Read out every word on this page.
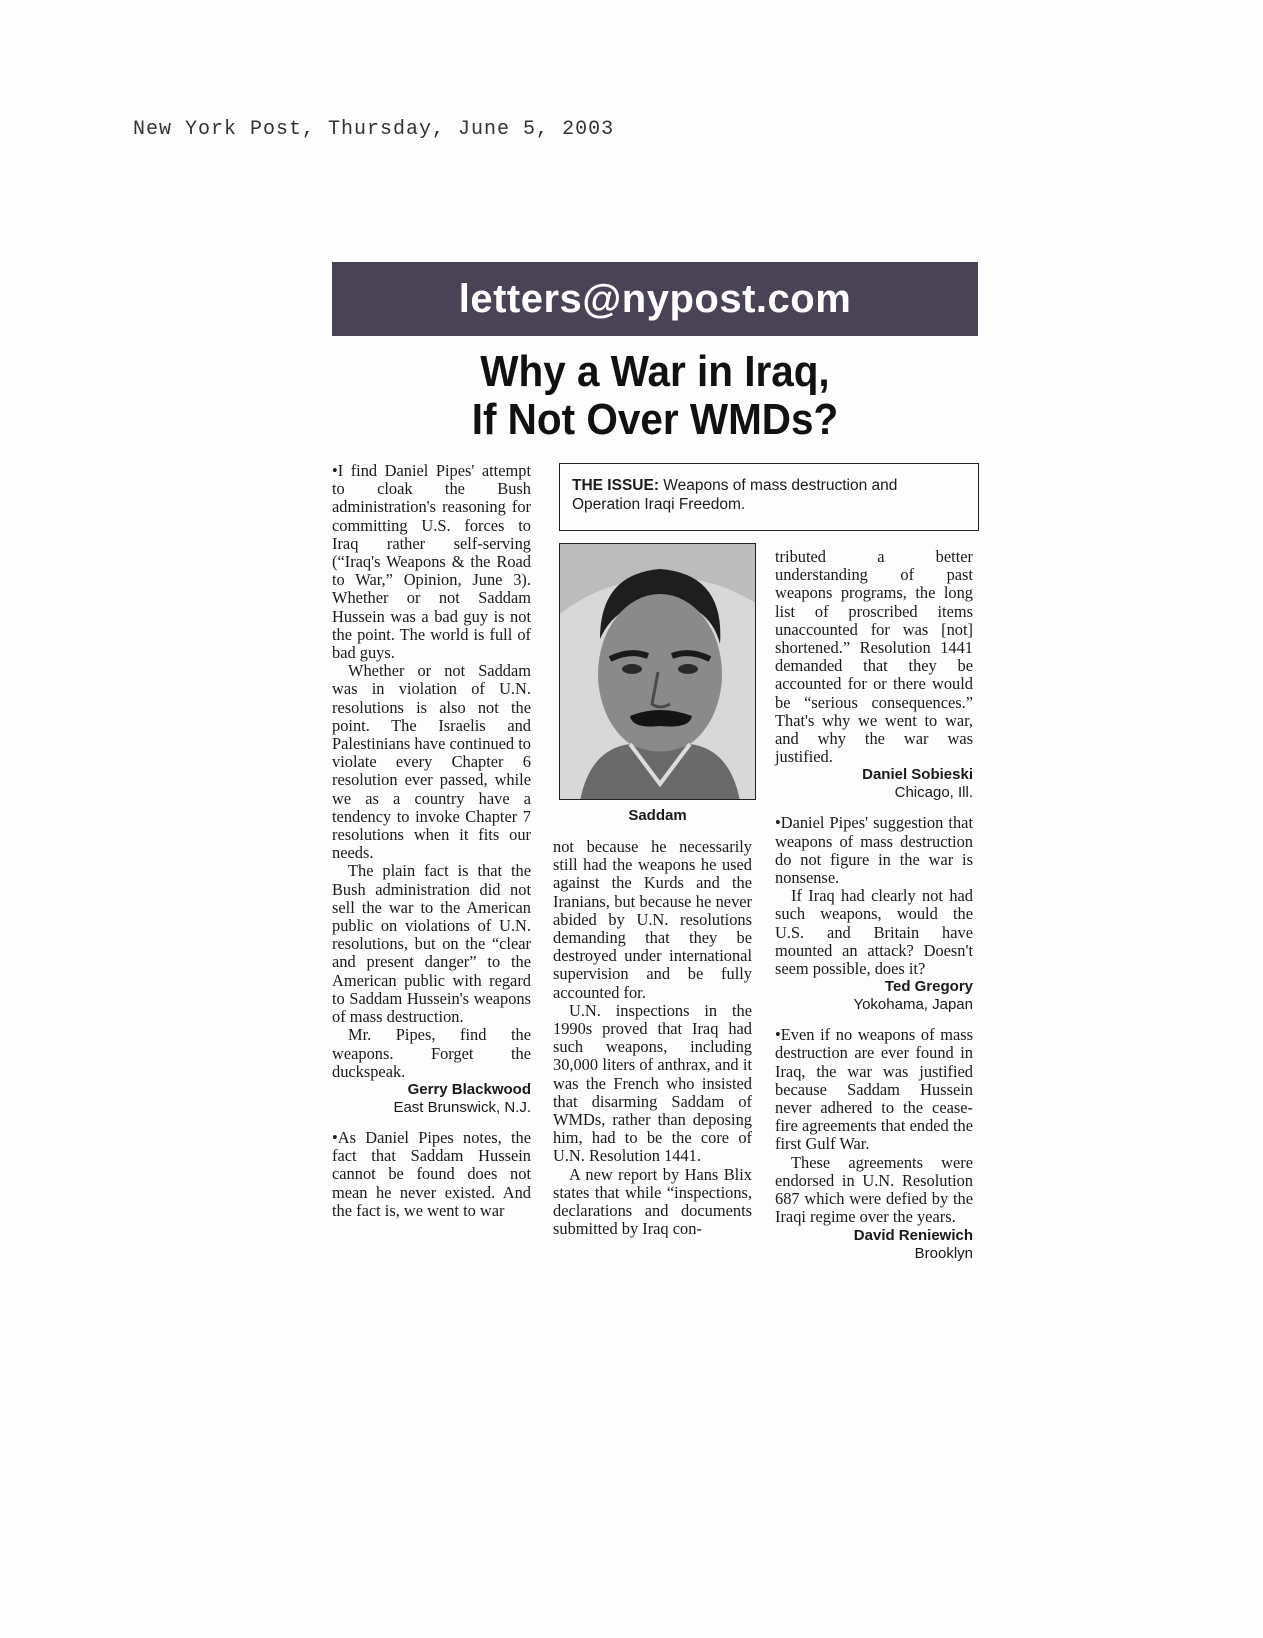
New York Post, Thursday, June 5, 2003
letters@nypost.com
Why a War in Iraq,
If Not Over WMDs?

•I find Daniel Pipes' attempt to cloak the Bush administration's reasoning for committing U.S. forces to Iraq rather self-serving (“Iraq's Weapons & the Road to War,” Opinion, June 3). Whether or not Saddam Hussein was a bad guy is not the point. The world is full of bad guys.

Whether or not Saddam was in violation of U.N. resolutions is also not the point. The Israelis and Palestinians have continued to violate every Chapter 6 resolution ever passed, while we as a country have a tendency to invoke Chapter 7 resolutions when it fits our needs.

The plain fact is that the Bush administration did not sell the war to the American public on violations of U.N. resolutions, but on the “clear and present danger” to the American public with regard to Saddam Hussein's weapons of mass destruction.

Mr. Pipes, find the weapons. Forget the duckspeak.

Gerry Blackwood
East Brunswick, N.J.

•As Daniel Pipes notes, the fact that Saddam Hussein cannot be found does not mean he never existed. And the fact is, we went to war

THE ISSUE: Weapons of mass destruction and Operation Iraqi Freedom.
Saddam

not because he necessarily still had the weapons he used against the Kurds and the Iranians, but because he never abided by U.N. resolutions demanding that they be destroyed under international supervision and be fully accounted for.

U.N. inspections in the 1990s proved that Iraq had such weapons, including 30,000 liters of anthrax, and it was the French who insisted that disarming Saddam of WMDs, rather than deposing him, had to be the core of U.N. Resolution 1441.

A new report by Hans Blix states that while “inspections, declarations and documents submitted by Iraq con-

tributed a better understanding of past weapons programs, the long list of proscribed items unaccounted for was [not] shortened.” Resolution 1441 demanded that they be accounted for or there would be “serious consequences.” That's why we went to war, and why the war was justified.

Daniel Sobieski
Chicago, Ill.

•Daniel Pipes' suggestion that weapons of mass destruction do not figure in the war is nonsense.

If Iraq had clearly not had such weapons, would the U.S. and Britain have mounted an attack? Doesn't seem possible, does it?

Ted Gregory
Yokohama, Japan

•Even if no weapons of mass destruction are ever found in Iraq, the war was justified because Saddam Hussein never adhered to the cease-fire agreements that ended the first Gulf War.

These agreements were endorsed in U.N. Resolution 687 which were defied by the Iraqi regime over the years.

David Reniewich
Brooklyn
